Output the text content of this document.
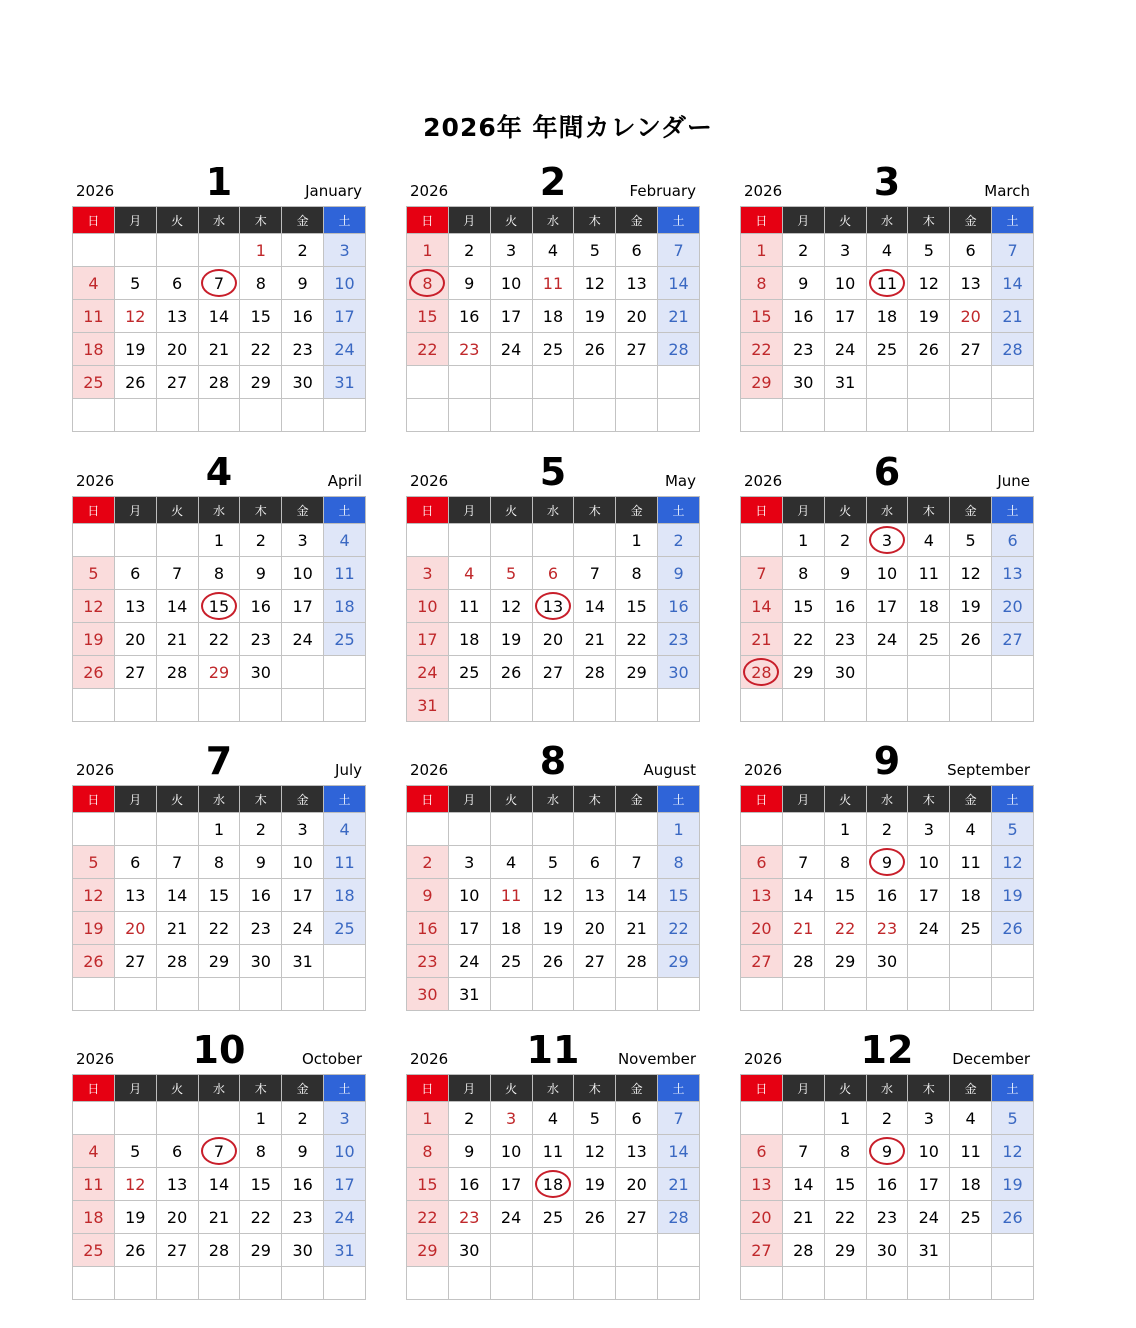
2026年 年間カレンダー
2026	1	January
日	月	火	水	木	金	土
				1	2	3
4	5	6	7	8	9	10
11	12	13	14	15	16	17
18	19	20	21	22	23	24
25	26	27	28	29	30	31

2026	2	February
日	月	火	水	木	金	土
1	2	3	4	5	6	7
8	9	10	11	12	13	14
15	16	17	18	19	20	21
22	23	24	25	26	27	28

2026	3	March
日	月	火	水	木	金	土
1	2	3	4	5	6	7
8	9	10	11	12	13	14
15	16	17	18	19	20	21
22	23	24	25	26	27	28
29	30	31				

2026	4	April
日	月	火	水	木	金	土
			1	2	3	4
5	6	7	8	9	10	11
12	13	14	15	16	17	18
19	20	21	22	23	24	25
26	27	28	29	30		

2026	5	May
日	月	火	水	木	金	土
					1	2
3	4	5	6	7	8	9
10	11	12	13	14	15	16
17	18	19	20	21	22	23
24	25	26	27	28	29	30
31						
2026	6	June
日	月	火	水	木	金	土
	1	2	3	4	5	6
7	8	9	10	11	12	13
14	15	16	17	18	19	20
21	22	23	24	25	26	27
28	29	30				

2026	7	July
日	月	火	水	木	金	土
			1	2	3	4
5	6	7	8	9	10	11
12	13	14	15	16	17	18
19	20	21	22	23	24	25
26	27	28	29	30	31	

2026	8	August
日	月	火	水	木	金	土
						1
2	3	4	5	6	7	8
9	10	11	12	13	14	15
16	17	18	19	20	21	22
23	24	25	26	27	28	29
30	31					
2026	9	September
日	月	火	水	木	金	土
		1	2	3	4	5
6	7	8	9	10	11	12
13	14	15	16	17	18	19
20	21	22	23	24	25	26
27	28	29	30			

2026	10	October
日	月	火	水	木	金	土
				1	2	3
4	5	6	7	8	9	10
11	12	13	14	15	16	17
18	19	20	21	22	23	24
25	26	27	28	29	30	31

2026	11	November
日	月	火	水	木	金	土
1	2	3	4	5	6	7
8	9	10	11	12	13	14
15	16	17	18	19	20	21
22	23	24	25	26	27	28
29	30					

2026	12	December
日	月	火	水	木	金	土
		1	2	3	4	5
6	7	8	9	10	11	12
13	14	15	16	17	18	19
20	21	22	23	24	25	26
27	28	29	30	31		
